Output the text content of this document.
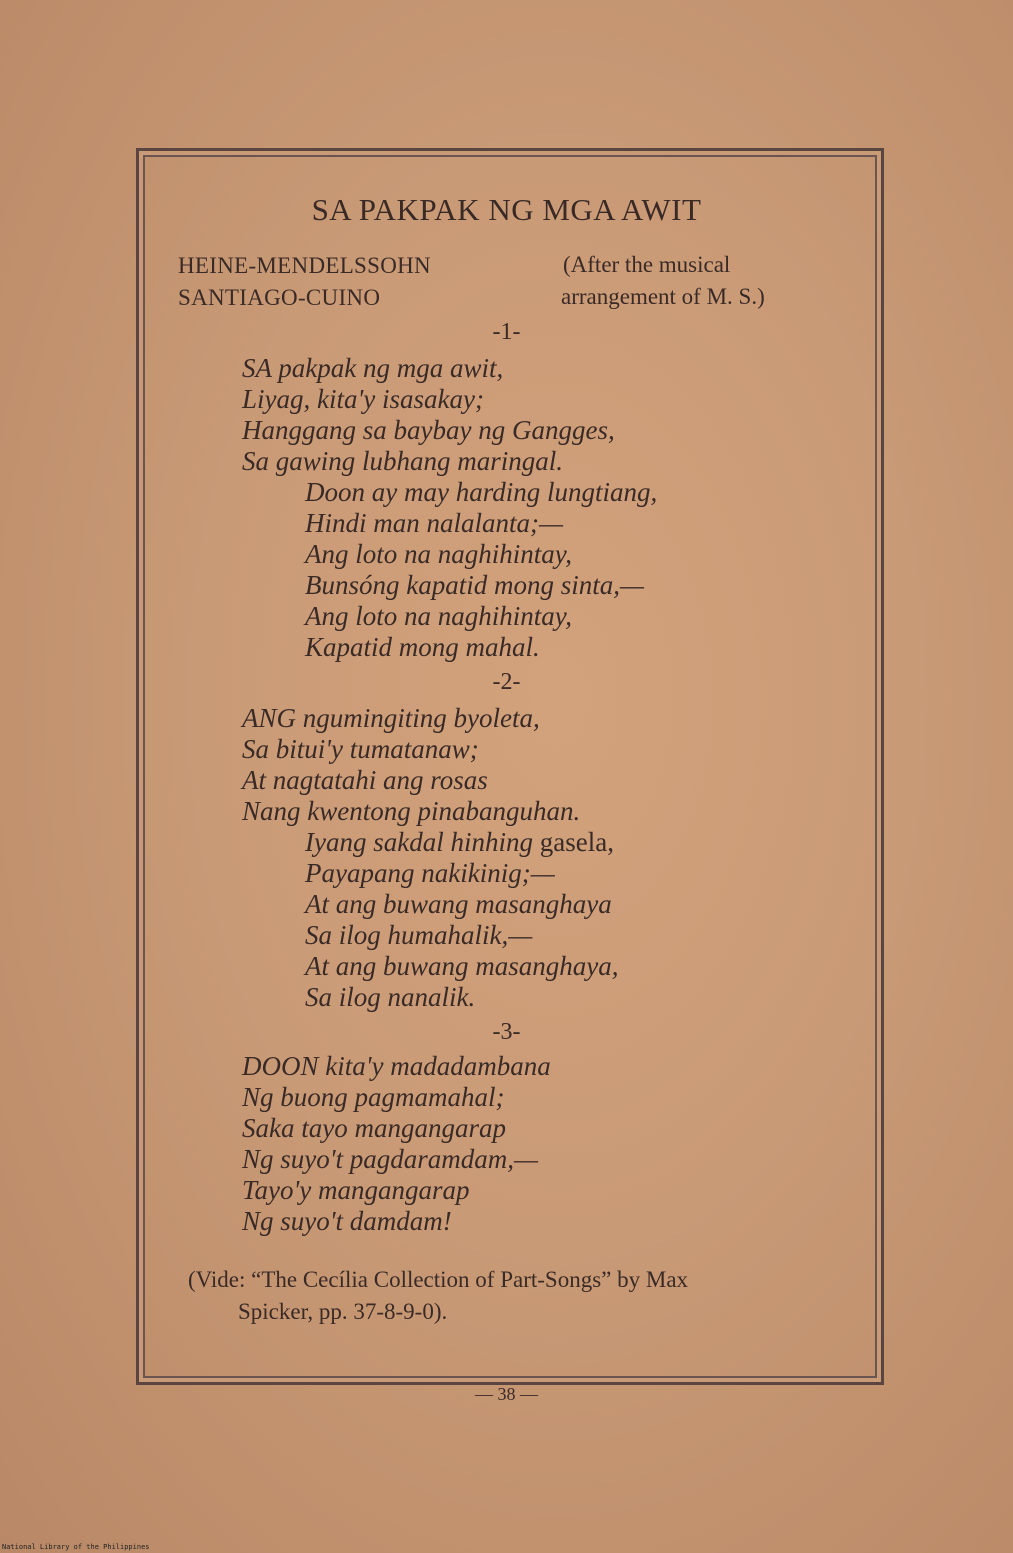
SA PAKPAK NG MGA AWIT
HEINE-MENDELSSOHN
SANTIAGO-CUINO
(After the musical
arrangement of M. S.)
-1-
SA pakpak ng mga awit,
Liyag, kita'y isasakay;
Hanggang sa baybay ng Gangges,
Sa gawing lubhang maringal.
Doon ay may harding lungtiang,
Hindi man nalalanta;—
Ang loto na naghihintay,
Bunsóng kapatid mong sinta,—
Ang loto na naghihintay,
Kapatid mong mahal.
-2-
ANG ngumingiting byoleta,
Sa bitui'y tumatanaw;
At nagtatahi ang rosas
Nang kwentong pinabanguhan.
Iyang sakdal hinhing gasela,
Payapang nakikinig;—
At ang buwang masanghaya
Sa ilog humahalik,—
At ang buwang masanghaya,
Sa ilog nanalik.
-3-
DOON kita'y madadambana
Ng buong pagmamahal;
Saka tayo mangangarap
Ng suyo't pagdaramdam,—
Tayo'y mangangarap
Ng suyo't damdam!
(Vide: “The Cecília Collection of Part-Songs” by Max
Spicker, pp. 37-8-9-0).
— 38 —
National Library of the Philippines
